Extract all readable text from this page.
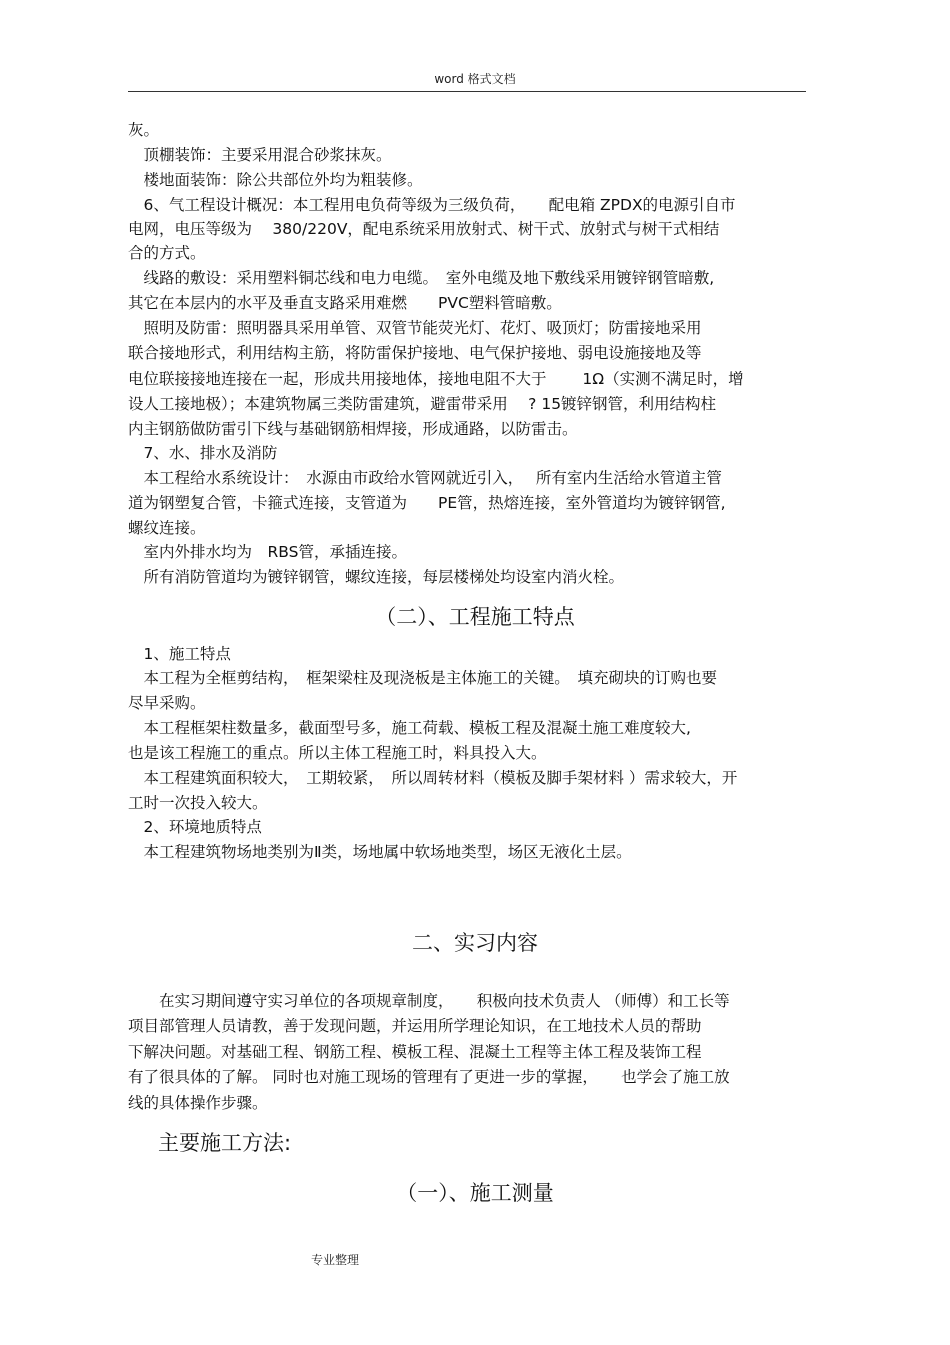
word 格式文档
灰。
　顶棚装饰：主要采用混合砂浆抹灰。
　楼地面装饰：除公共部位外均为粗装修。
　6、气工程设计概况：本工程用电负荷等级为三级负荷，　　配电箱 ZPDX的电源引自市
电网，电压等级为　 380/220V，配电系统采用放射式、树干式、放射式与树干式相结
合的方式。
　线路的敷设：采用塑料铜芯线和电力电缆。　室外电缆及地下敷线采用镀锌钢管暗敷,
其它在本层内的水平及垂直支路采用难燃　　PVC塑料管暗敷。
　照明及防雷：照明器具采用单管、双管节能荧光灯、花灯、吸顶灯；防雷接地采用
联合接地形式，利用结构主筋，将防雷保护接地、电气保护接地、弱电设施接地及等
电位联接接地连接在一起，形成共用接地体，接地电阻不大于　　 1Ω（实测不满足时，增
设人工接地极）；本建筑物属三类防雷建筑，避雷带采用　 ? 15镀锌钢管，利用结构柱
内主钢筋做防雷引下线与基础钢筋相焊接，形成通路，以防雷击。
　7、水、排水及消防
　本工程给水系统设计：　水源由市政给水管网就近引入，　 所有室内生活给水管道主管
道为钢塑复合管，卡箍式连接，支管道为　　PE管，热熔连接，室外管道均为镀锌钢管,
螺纹连接。
　室内外排水均为　RBS管，承插连接。
　所有消防管道均为镀锌钢管，螺纹连接，每层楼梯处均设室内消火栓。
（二）、工程施工特点
　1、施工特点
　本工程为全框剪结构，　框架梁柱及现浇板是主体施工的关键。　填充砌块的订购也要
尽早采购。
　本工程框架柱数量多，截面型号多，施工荷载、模板工程及混凝土施工难度较大,
也是该工程施工的重点。所以主体工程施工时，料具投入大。
　本工程建筑面积较大，　工期较紧，　所以周转材料（模板及脚手架材料 ）需求较大，开
工时一次投入较大。
　2、环境地质特点
　本工程建筑物场地类别为Ⅱ类，场地属中软场地类型，场区无液化土层。
二、实习内容
　　在实习期间遵守实习单位的各项规章制度，　　积极向技术负责人 （师傅）和工长等
项目部管理人员请教，善于发现问题，并运用所学理论知识，在工地技术人员的帮助
下解决问题。对基础工程、钢筋工程、模板工程、混凝土工程等主体工程及装饰工程
有了很具体的了解。 同时也对施工现场的管理有了更进一步的掌握，　　也学会了施工放
线的具体操作步骤。
主要施工方法:
（一）、施工测量
专业整理
